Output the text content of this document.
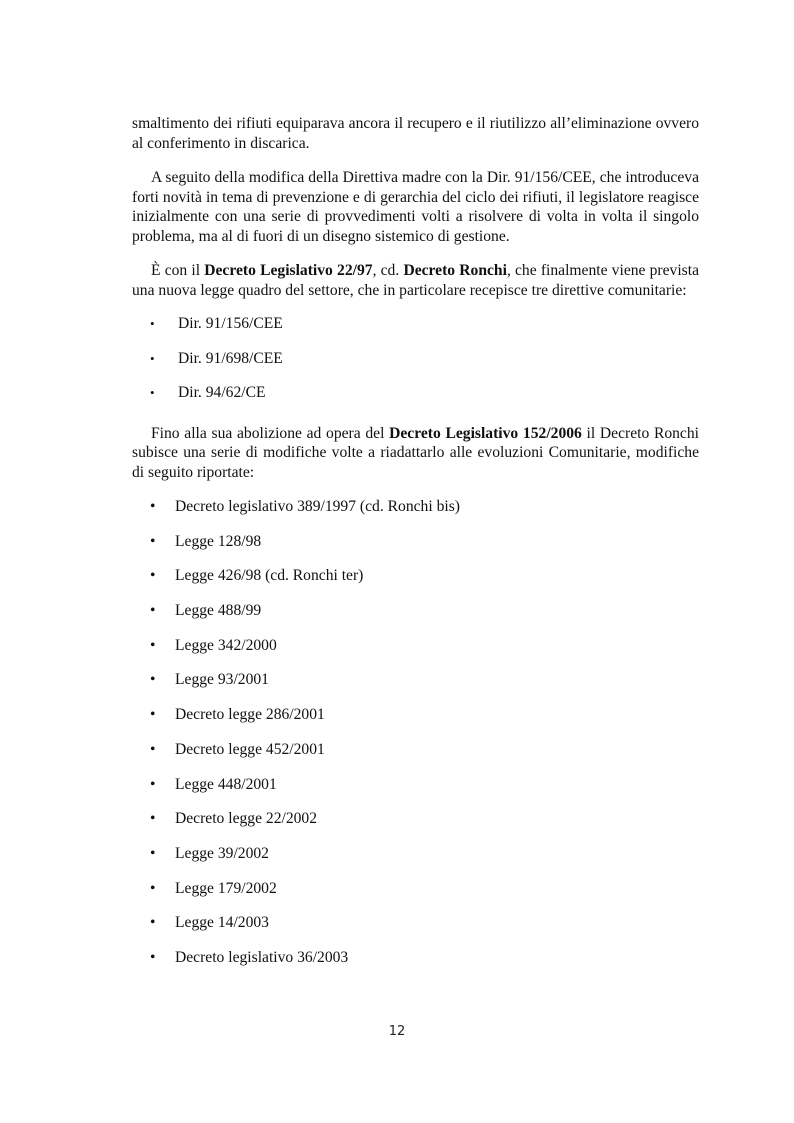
smaltimento dei rifiuti equiparava ancora il recupero e il riutilizzo all’eliminazione ovvero al conferimento in discarica.

A seguito della modifica della Direttiva madre con la Dir. 91/156/CEE, che introduceva forti novità in tema di prevenzione e di gerarchia del ciclo dei rifiuti, il legislatore reagisce inizialmente con una serie di provvedimenti volti a risolvere di volta in volta il singolo problema, ma al di fuori di un disegno sistemico di gestione.

È con il Decreto Legislativo 22/97, cd. Decreto Ronchi, che finalmente viene prevista una nuova legge quadro del settore, che in particolare recepisce tre direttive comunitarie:

• Dir. 91/156/CEE
• Dir. 91/698/CEE
• Dir. 94/62/CE

Fino alla sua abolizione ad opera del Decreto Legislativo 152/2006 il Decreto Ronchi subisce una serie di modifiche volte a riadattarlo alle evoluzioni Comunitarie, modifiche di seguito riportate:

• Decreto legislativo 389/1997 (cd. Ronchi bis)
• Legge 128/98
• Legge 426/98 (cd. Ronchi ter)
• Legge 488/99
• Legge 342/2000
• Legge 93/2001
• Decreto legge 286/2001
• Decreto legge 452/2001
• Legge 448/2001
• Decreto legge 22/2002
• Legge 39/2002
• Legge 179/2002
• Legge 14/2003
• Decreto legislativo 36/2003
12
